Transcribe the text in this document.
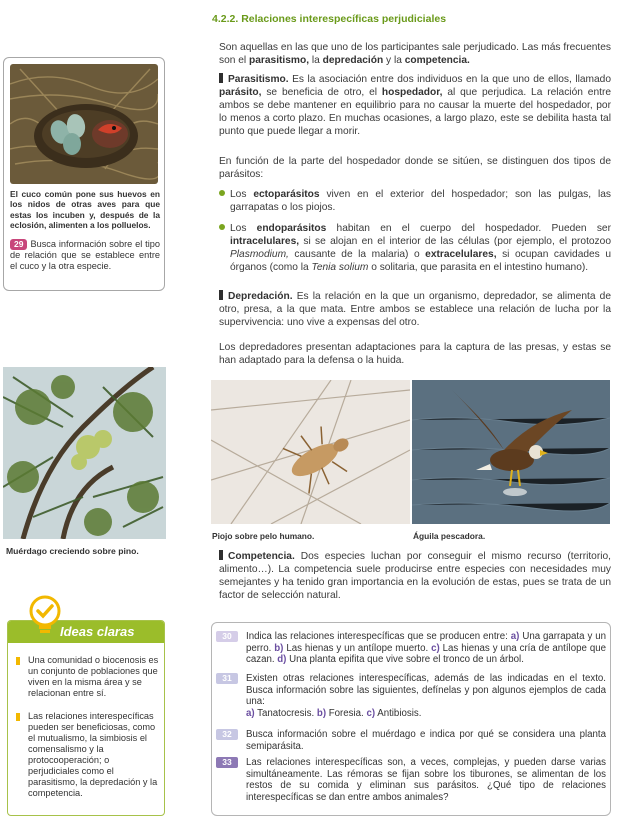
El cuco común pone sus huevos en los nidos de otras aves para que estas los incuben y, después de la eclosión, alimenten a los polluelos.

29 Busca información sobre el tipo de relación que se establece entre el cuco y la otra especie.

Muérdago creciendo sobre pino.

Ideas claras
Una comunidad o biocenosis es un conjunto de poblaciones que viven en la misma área y se relacionan entre sí.
Las relaciones interespecíficas pueden ser beneficiosas, como el mutualismo, la simbiosis el comensalismo y la protocooperación; o perjudiciales como el parasitismo, la depredación y la competencia.
4.2.2. Relaciones interespecíficas perjudiciales

Son aquellas en las que uno de los participantes sale perjudicado. Las más frecuentes son el parasitismo, la depredación y la competencia.

Parasitismo. Es la asociación entre dos individuos en la que uno de ellos, llamado parásito, se beneficia de otro, el hospedador, al que perjudica. La relación entre ambos se debe mantener en equilibrio para no causar la muerte del hospedador, por lo menos a corto plazo. En muchas ocasiones, a largo plazo, este se debilita hasta tal punto que puede llegar a morir.

En función de la parte del hospedador donde se sitúen, se distinguen dos tipos de parásitos:

Los ectoparásitos viven en el exterior del hospedador; son las pulgas, las garrapatas o los piojos.

Los endoparásitos habitan en el cuerpo del hospedador. Pueden ser intracelulares, si se alojan en el interior de las células (por ejemplo, el protozoo Plasmodium, causante de la malaria) o extracelulares, si ocupan cavidades u órganos (como la Tenia solium o solitaria, que parasita en el intestino humano).

Depredación. Es la relación en la que un organismo, depredador, se alimenta de otro, presa, a la que mata. Entre ambos se establece una relación de lucha por la supervivencia: uno vive a expensas del otro.

Los depredadores presentan adaptaciones para la captura de las presas, y estas se han adaptado para la defensa o la huida.

Piojo sobre pelo humano.	Águila pescadora.

Competencia. Dos especies luchan por conseguir el mismo recurso (territorio, alimento…). La competencia suele producirse entre especies con necesidades muy semejantes y ha tenido gran importancia en la evolución de estas, pues se trata de un factor de selección natural.

30	Indica las relaciones interespecíficas que se producen entre: a) Una garrapata y un perro. b) Las hienas y un antílope muerto. c) Las hienas y una cría de antílope que cazan. d) Una planta epifita que vive sobre el tronco de un árbol.
31	Existen otras relaciones interespecíficas, además de las indicadas en el texto. Busca información sobre las siguientes, defínelas y pon algunos ejemplos de cada una:
a) Tanatocresis. b) Foresia. c) Antibiosis.
32	Busca información sobre el muérdago e indica por qué se considera una planta semiparásita.
33	Las relaciones interespecíficas son, a veces, complejas, y pueden darse varias simultáneamente. Las rémoras se fijan sobre los tiburones, se alimentan de los restos de su comida y eliminan sus parásitos. ¿Qué tipo de relaciones interespecíficas se dan entre ambos animales?
